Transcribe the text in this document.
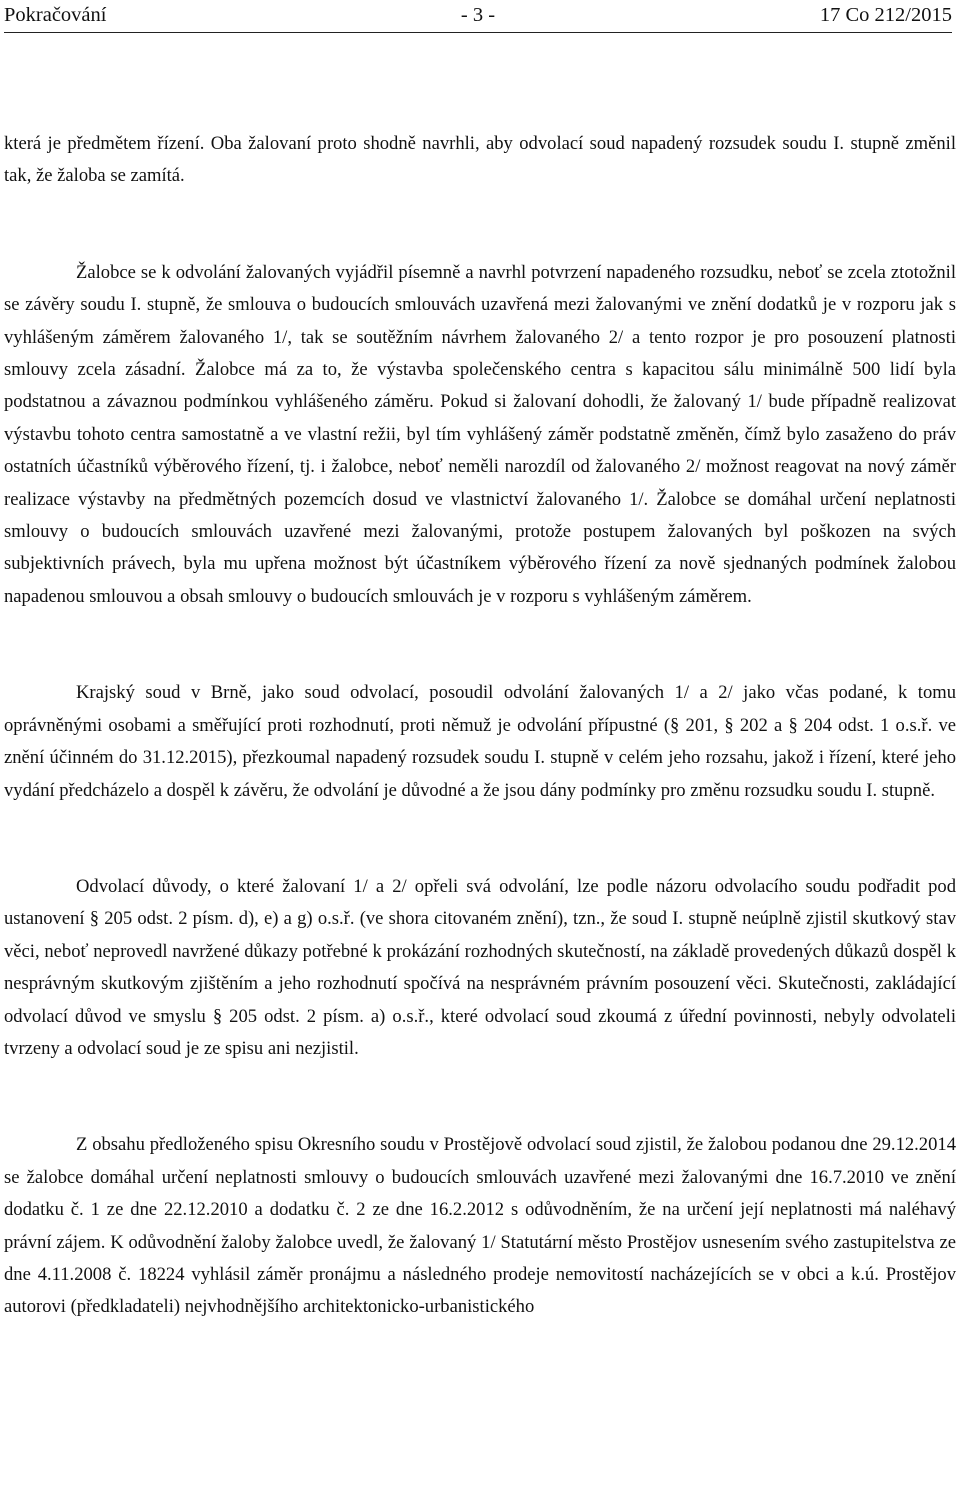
Pokračování	- 3 -	17 Co 212/2015

která je předmětem řízení. Oba žalovaní proto shodně navrhli, aby odvolací soud napadený rozsudek soudu I. stupně změnil tak, že žaloba se zamítá.

Žalobce se k odvolání žalovaných vyjádřil písemně a navrhl potvrzení napadeného rozsudku, neboť se zcela ztotožnil se závěry soudu I. stupně, že smlouva o budoucích smlouvách uzavřená mezi žalovanými ve znění dodatků je v rozporu jak s vyhlášeným záměrem žalovaného 1/, tak se soutěžním návrhem žalovaného 2/ a tento rozpor je pro posouzení platnosti smlouvy zcela zásadní. Žalobce má za to, že výstavba společenského centra s kapacitou sálu minimálně 500 lidí byla podstatnou a závaznou podmínkou vyhlášeného záměru. Pokud si žalovaní dohodli, že žalovaný 1/ bude případně realizovat výstavbu tohoto centra samostatně a ve vlastní režii, byl tím vyhlášený záměr podstatně změněn, čímž bylo zasaženo do práv ostatních účastníků výběrového řízení, tj. i žalobce, neboť neměli narozdíl od žalovaného 2/ možnost reagovat na nový záměr realizace výstavby na předmětných pozemcích dosud ve vlastnictví žalovaného 1/. Žalobce se domáhal určení neplatnosti smlouvy o budoucích smlouvách uzavřené mezi žalovanými, protože postupem žalovaných byl poškozen na svých subjektivních právech, byla mu upřena možnost být účastníkem výběrového řízení za nově sjednaných podmínek žalobou napadenou smlouvou a obsah smlouvy o budoucích smlouvách je v rozporu s vyhlášeným záměrem.

Krajský soud v Brně, jako soud odvolací, posoudil odvolání žalovaných 1/ a 2/ jako včas podané, k tomu oprávněnými osobami a směřující proti rozhodnutí, proti němuž je odvolání přípustné (§ 201, § 202 a § 204 odst. 1 o.s.ř. ve znění účinném do 31.12.2015), přezkoumal napadený rozsudek soudu I. stupně v celém jeho rozsahu, jakož i řízení, které jeho vydání předcházelo a dospěl k závěru, že odvolání je důvodné a že jsou dány podmínky pro změnu rozsudku soudu I. stupně.

Odvolací důvody, o které žalovaní 1/ a 2/ opřeli svá odvolání, lze podle názoru odvolacího soudu podřadit pod ustanovení § 205 odst. 2 písm. d), e) a g) o.s.ř. (ve shora citovaném znění), tzn., že soud I. stupně neúplně zjistil skutkový stav věci, neboť neprovedl navržené důkazy potřebné k prokázání rozhodných skutečností, na základě provedených důkazů dospěl k nesprávným skutkovým zjištěním a jeho rozhodnutí spočívá na nesprávném právním posouzení věci. Skutečnosti, zakládající odvolací důvod ve smyslu § 205 odst. 2 písm. a) o.s.ř., které odvolací soud zkoumá z úřední povinnosti, nebyly odvolateli tvrzeny a odvolací soud je ze spisu ani nezjistil.

Z obsahu předloženého spisu Okresního soudu v Prostějově odvolací soud zjistil, že žalobou podanou dne 29.12.2014 se žalobce domáhal určení neplatnosti smlouvy o budoucích smlouvách uzavřené mezi žalovanými dne 16.7.2010 ve znění dodatku č. 1 ze dne 22.12.2010 a dodatku č. 2 ze dne 16.2.2012 s odůvodněním, že na určení její neplatnosti má naléhavý právní zájem. K odůvodnění žaloby žalobce uvedl, že žalovaný 1/ Statutární město Prostějov usnesením svého zastupitelstva ze dne 4.11.2008 č. 18224 vyhlásil záměr pronájmu a následného prodeje nemovitostí nacházejících se v obci a k.ú. Prostějov autorovi (předkladateli) nejvhodnějšího architektonicko-urbanistického
